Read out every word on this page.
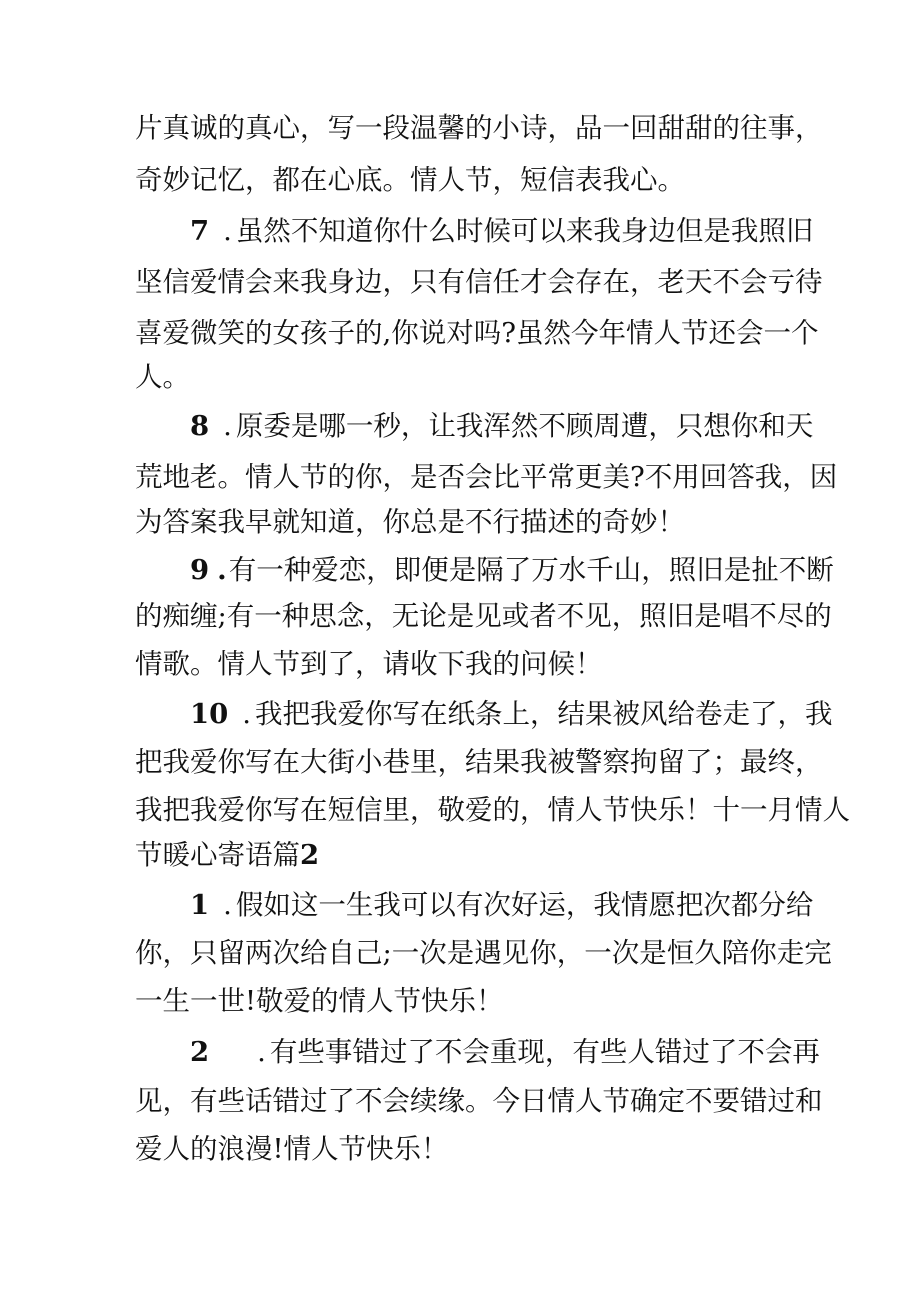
片真诚的真心，写一段温馨的小诗，品一回甜甜的往事，
奇妙记忆，都在心底。情人节，短信表我心。
7 . 虽然不知道你什么时候可以来我身边但是我照旧
坚信爱情会来我身边，只有信任才会存在，老天不会亏待
喜爱微笑的女孩子的,你说对吗?虽然今年情人节还会一个
人。
8 . 原委是哪一秒，让我浑然不顾周遭，只想你和天
荒地老。情人节的你，是否会比平常更美?不用回答我，因
为答案我早就知道，你总是不行描述的奇妙！
9 .有一种爱恋，即便是隔了万水千山，照旧是扯不断
的痴缠;有一种思念，无论是见或者不见，照旧是唱不尽的
情歌。情人节到了，请收下我的问候！
10 . 我把我爱你写在纸条上，结果被风给卷走了，我
把我爱你写在大街小巷里，结果我被警察拘留了；最终，
我把我爱你写在短信里，敬爱的，情人节快乐！十一月情人
节暖心寄语篇2
1 . 假如这一生我可以有次好运，我情愿把次都分给
你，只留两次给自己;一次是遇见你，一次是恒久陪你走完
一生一世!敬爱的情人节快乐！
2 . 有些事错过了不会重现，有些人错过了不会再
见，有些话错过了不会续缘。今日情人节确定不要错过和
爱人的浪漫!情人节快乐！
